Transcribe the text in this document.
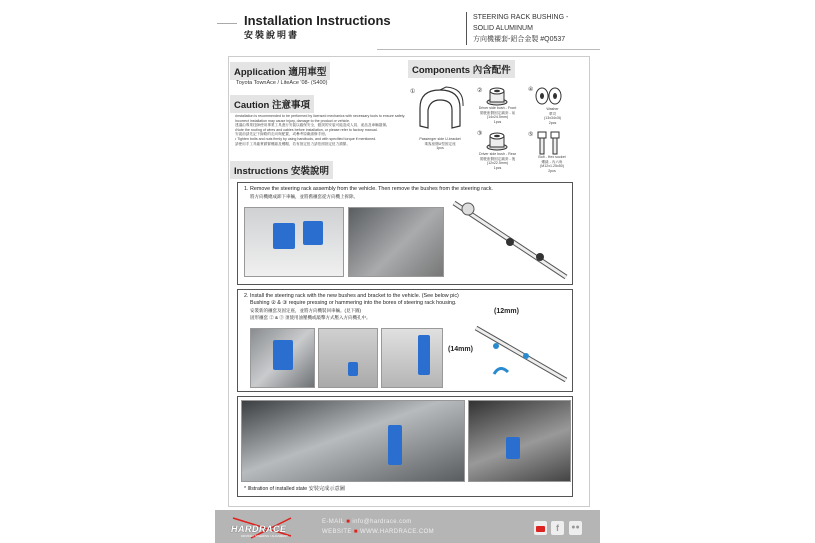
Installation Instructions
安裝說明書
STEERING RACK BUSHING -
SOLID ALUMINUM
方向機襯套-鋁合金製 #Q0537
Application 適用車型
Toyota TownAce / LiteAce '08- (S400)
Caution 注意事項
•Installation is recommended to be performed by licensed mechanics with necessary tools to ensure safety. Incorrect installation may cause injury, damage to the product or vehicle.
建議由專業技師使用專業工具進行安裝以確保安全，錯誤的安裝可能造成人員、產品及車輛損傷。
•Note the routing of wires and cables before installation, or please refer to factory manual.
安裝前請先記下線路的走向與配置，或參考原廠維修手冊。
• Tighten bolts and nuts firmly by using handtools, and with specified torque if mentioned.
請使用手工具確實鎖緊螺絲及螺帽，若有指定扭力請依照指定扭力鎖緊。
Components 內含配件
①
Passenger side U-bracket
乘客座側U型固定座
1pcs
②
Driver side bush - Front
駕駛座側固定襯套 - 前
(14x24.5mm)
1pcs
③
Driver side bush - Rear
駕駛座側固定襯套 - 後
(12x22.5mm)
1pcs
④
Washer
華司
(13x34x3t)
2pcs
⑤
Bolt - Hex socket
螺絲 - 內六角
(M12x1.25x50)
2pcs
Instructions 安裝說明
1. Remove the steering rack assembly from the vehicle. Then remove the bushes from the steering rack.
將方向機總成卸下車輛，並將舊襯套從方向機上拆除。
2. Install the steering rack with the new bushes and bracket to the vehicle. (See below pic)
Bushing ② & ③ require pressing or hammering into the bores of steering rack housing.
安裝新的襯套及固定座，並將方向機裝回車輛。(見下圖)
固形襯套 ② & ③ 須使用油壓機或敲擊方式壓入方向機孔中。
(12mm)
(14mm)
* Illstration of installed state 安裝完成示意圖
HARDRACE
DRIVING / STEERING / ALIGNMENT
E-MAIL ■ info@hardrace.com
WEBSITE ■ WWW.HARDRACE.COM	f	●●
